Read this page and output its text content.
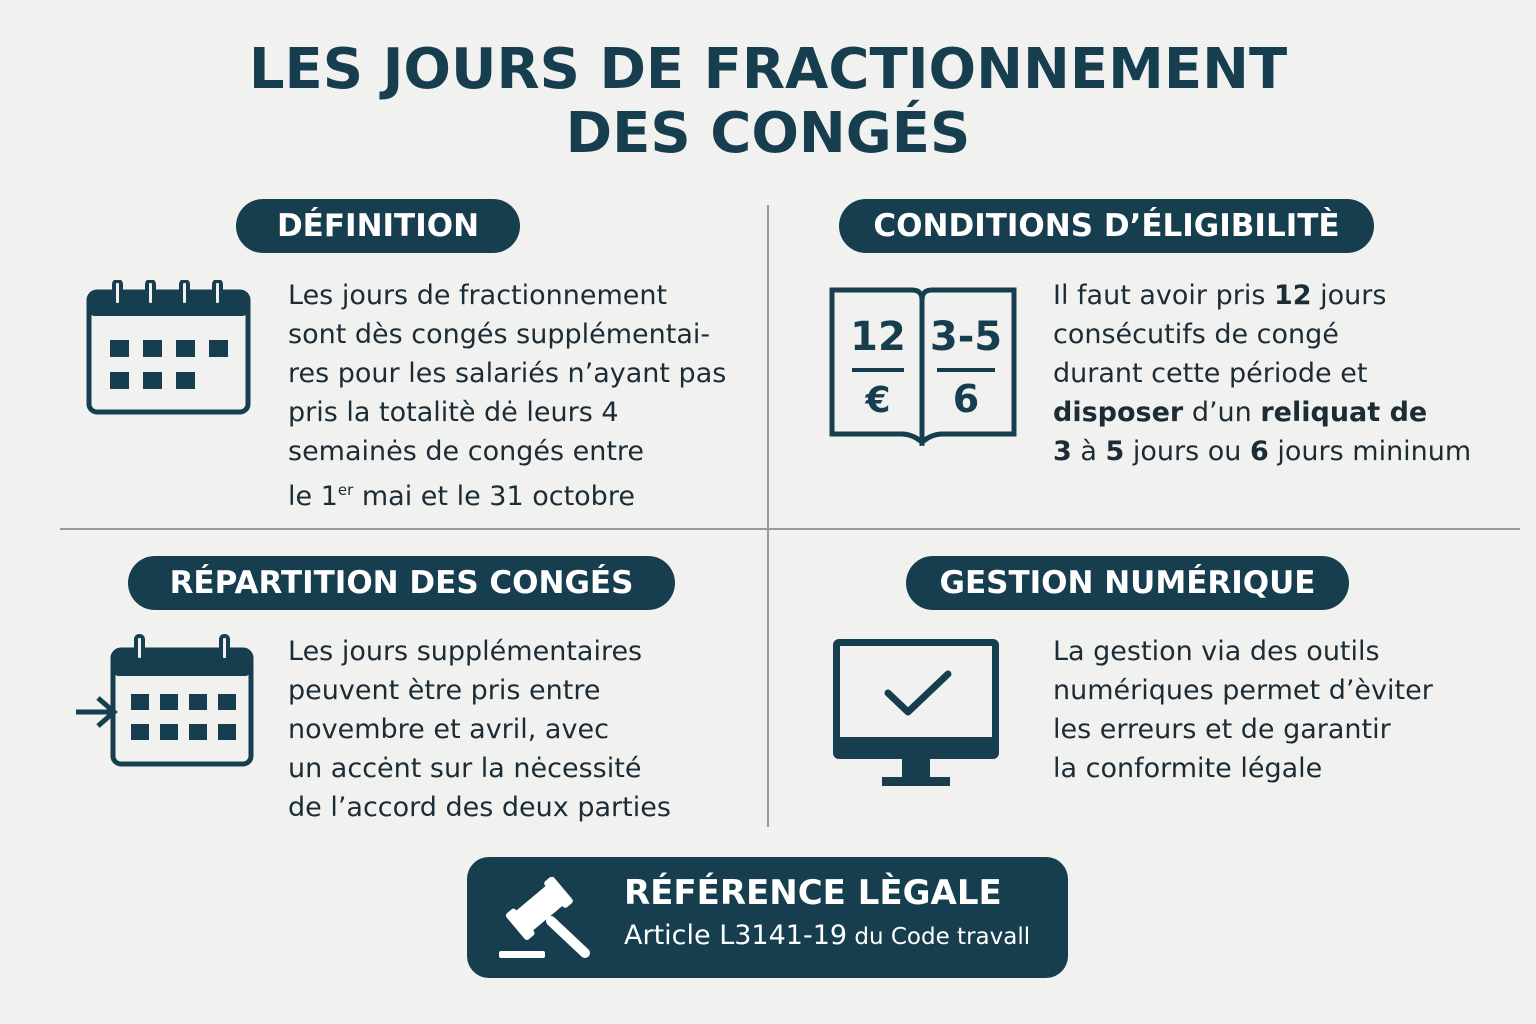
LES JOURS DE FRACTIONNEMENT
DES CONGÉS
DÉFINITION
Les jours de fractionnement
sont dès congés supplémentai-
res pour les salariés n’ayant pas
pris la totalitè dė leurs 4
semainės de congés entre
le 1er mai et le 31 octobre
CONDITIONS D’ÉLIGIBILITÈ
12
€
3-5
6
Il faut avoir pris 12 jours
consécutifs de congé
durant cette période et
disposer d’un reliquat de
3 à 5 jours ou 6 jours mininum
RÉPARTITION DES CONGÉS
Les jours supplémentaires
peuvent ètre pris entre
novembre et avril, avec
un accėnt sur la nėcessité
de l’accord des deux parties
GESTION NUMÉRIQUE
La gestion via des outils
numériques permet d’èviter
les erreurs et de garantir
la conformite légale
RÉFÉRENCE LÈGALE
Article L3141-19 du Code travall
